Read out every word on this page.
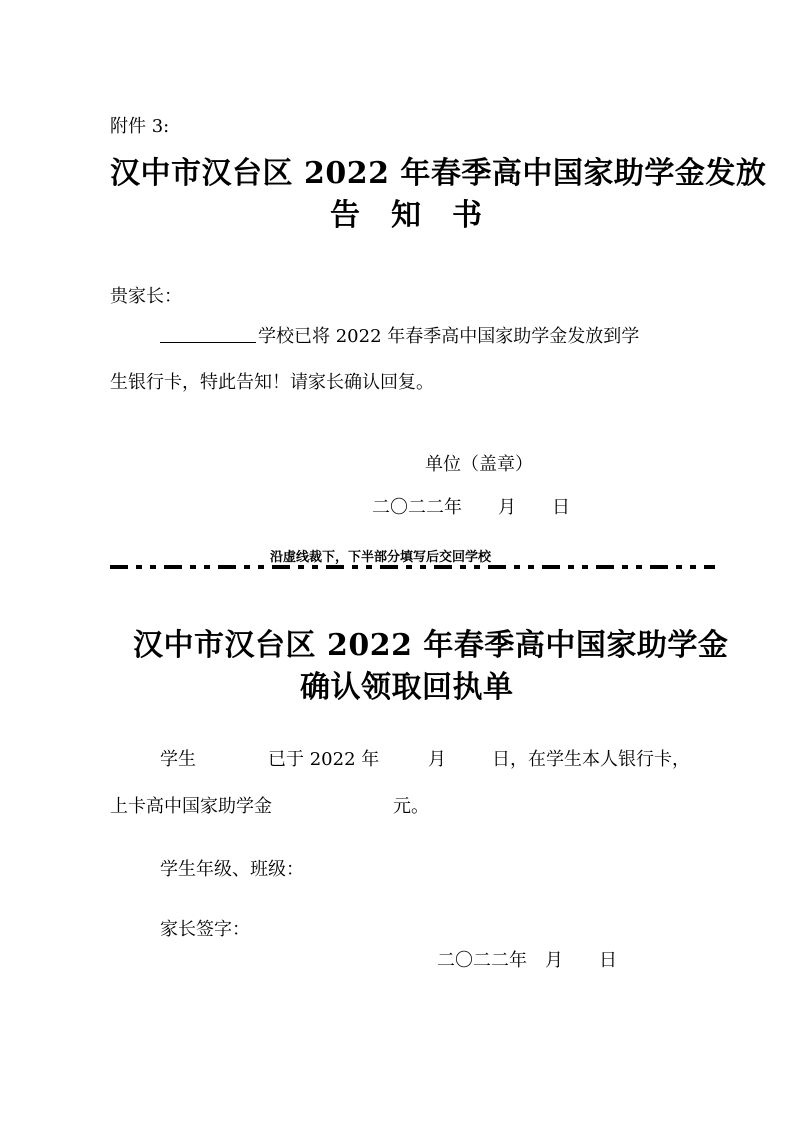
附件 3:
汉中市汉台区 2022 年春季高中国家助学金发放
告　知　书
贵家长：
学校已将 2022 年春季高中国家助学金发放到学
生银行卡，特此告知！请家长确认回复。
单位（盖章）
二〇二二年　　月　　日
沿虚线裁下，下半部分填写后交回学校
汉中市汉台区 2022 年春季高中国家助学金
确认领取回执单
学生	已于 2022 年	月	日，在学生本人银行卡，
上卡高中国家助学金	元。
学生年级、班级：
家长签字：
二〇二二年　月　　日
